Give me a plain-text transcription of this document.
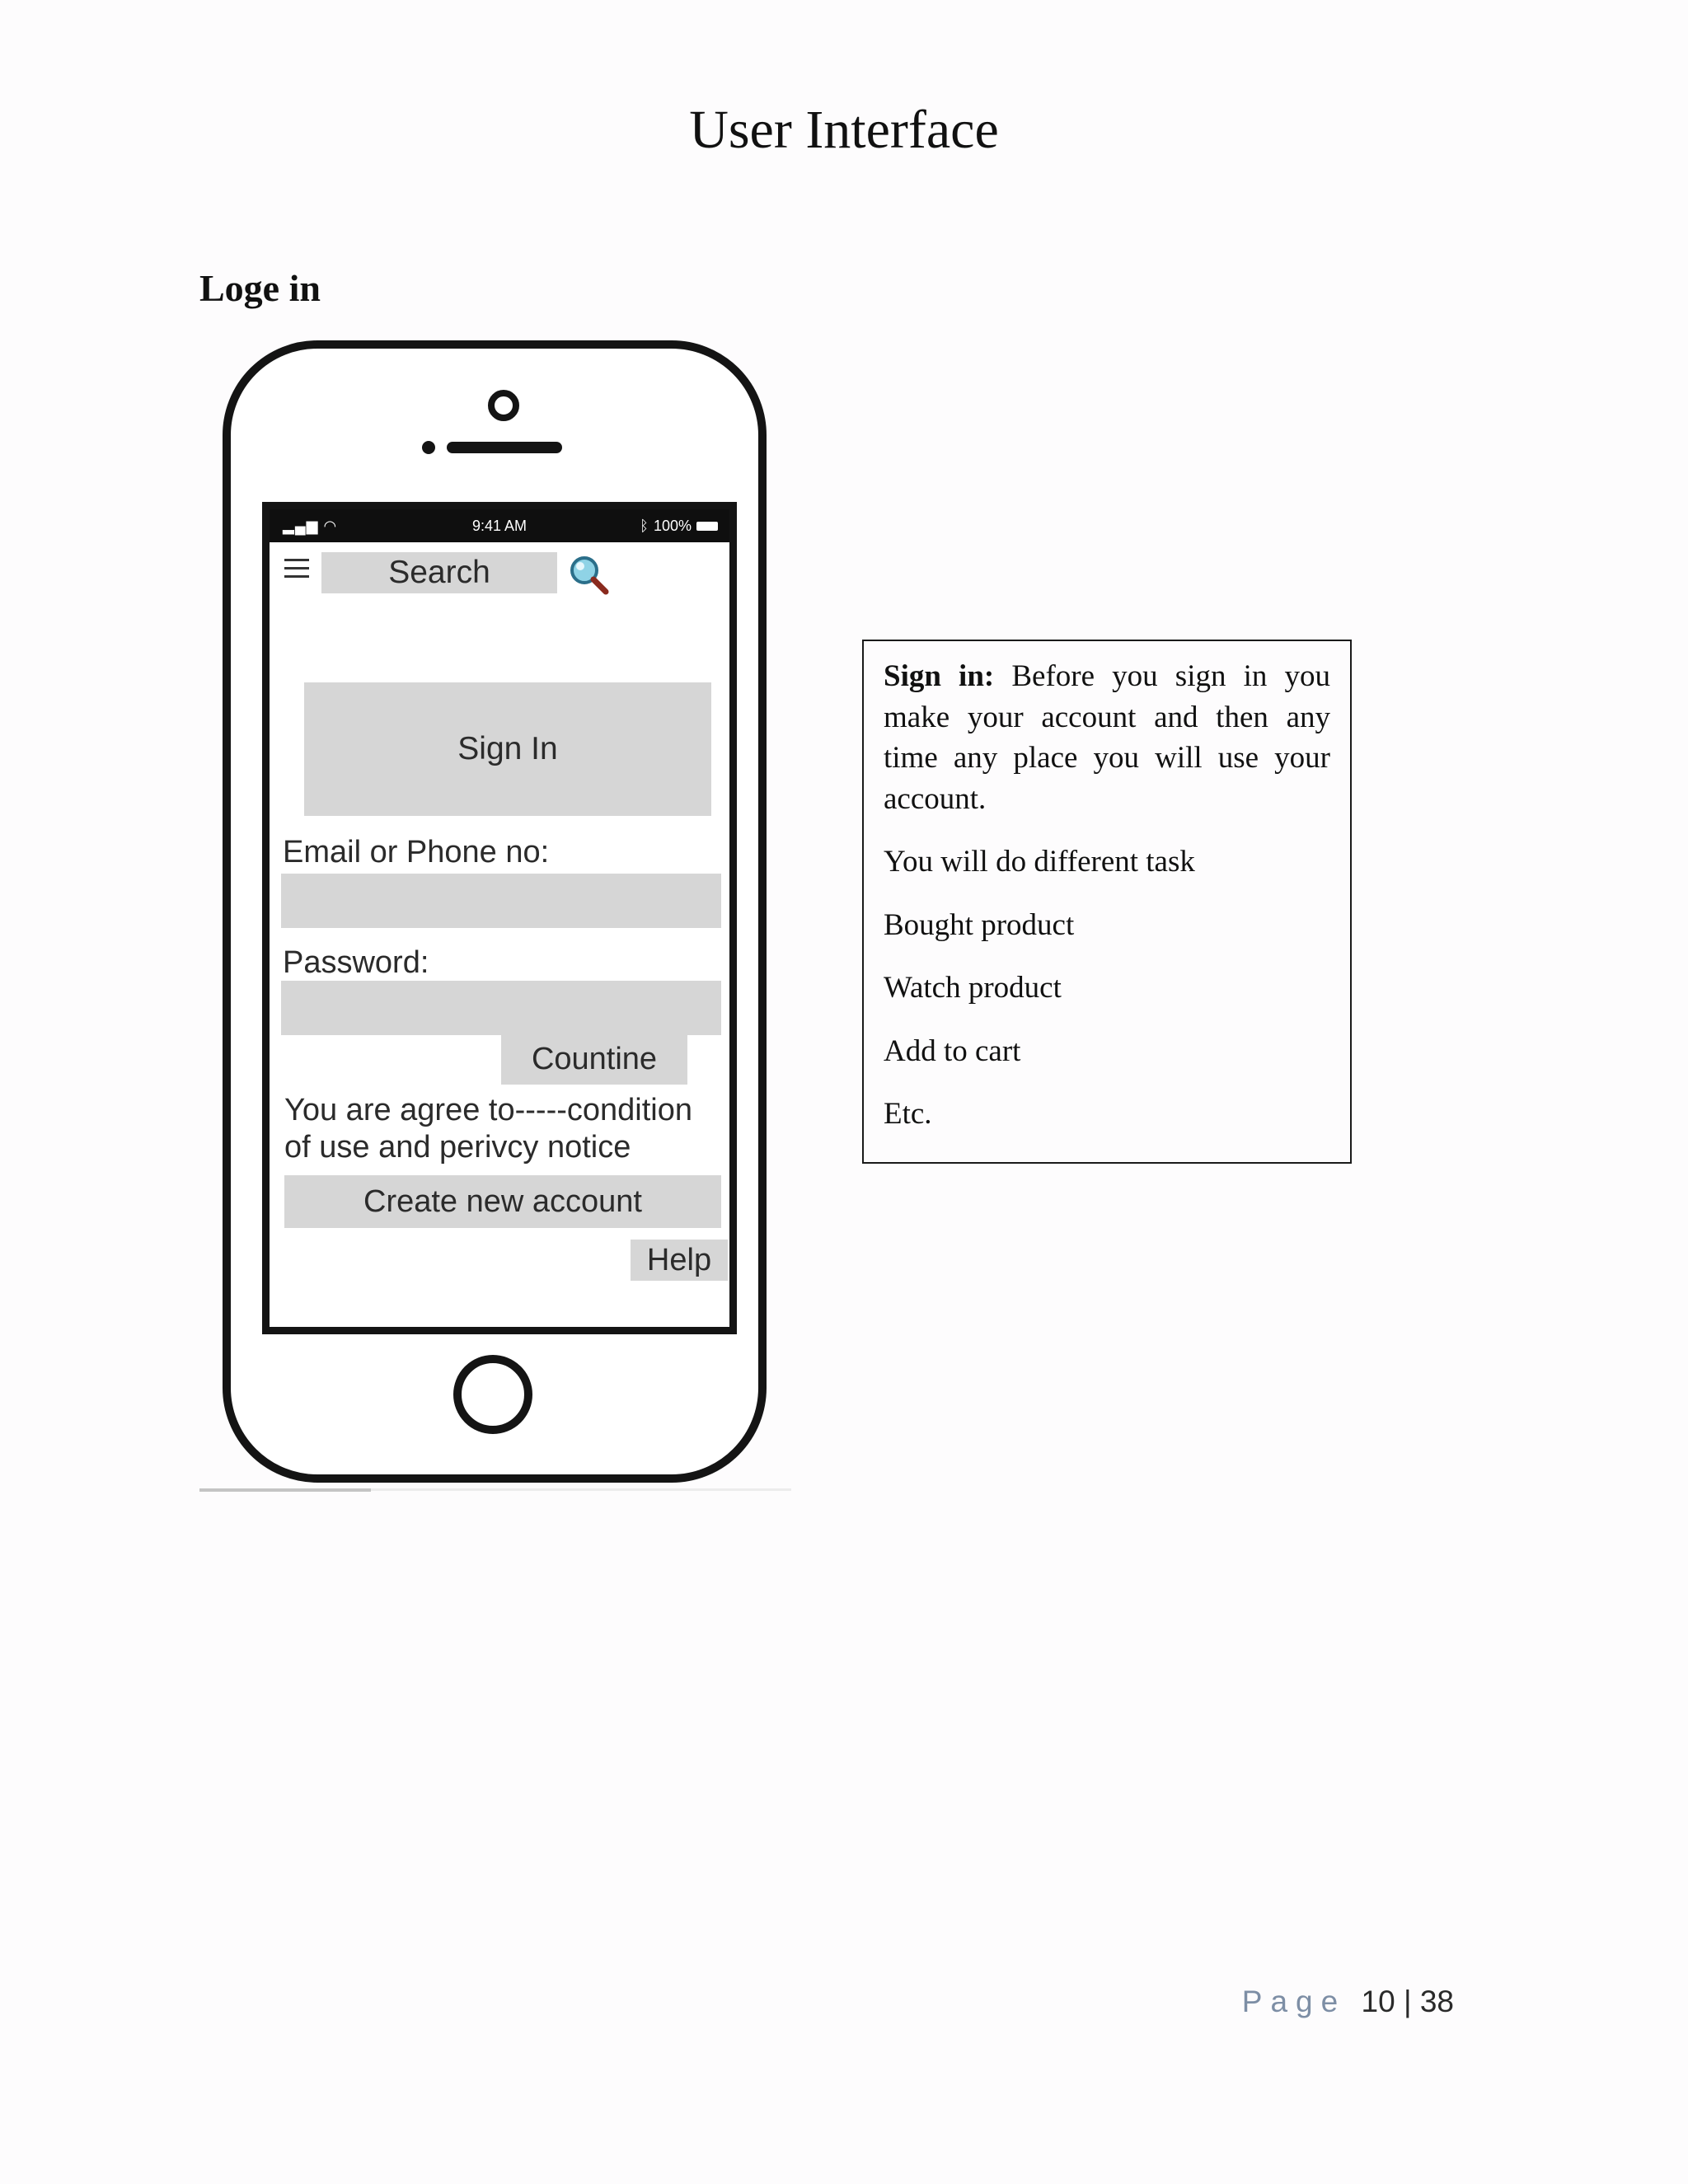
User Interface
Loge in
▂▄▆ ◠	9:41 AM	ᛒ 100%
Search
Sign In
Email or Phone no:
Password:
Countine
You are agree to-----condition
of use and perivcy notice
Create new account
Help

Sign in: Before you sign in you make your account and then any time any place you will use your account.

You will do different task

Bought product

Watch product

Add to cart

Etc.

Page 10 | 38
